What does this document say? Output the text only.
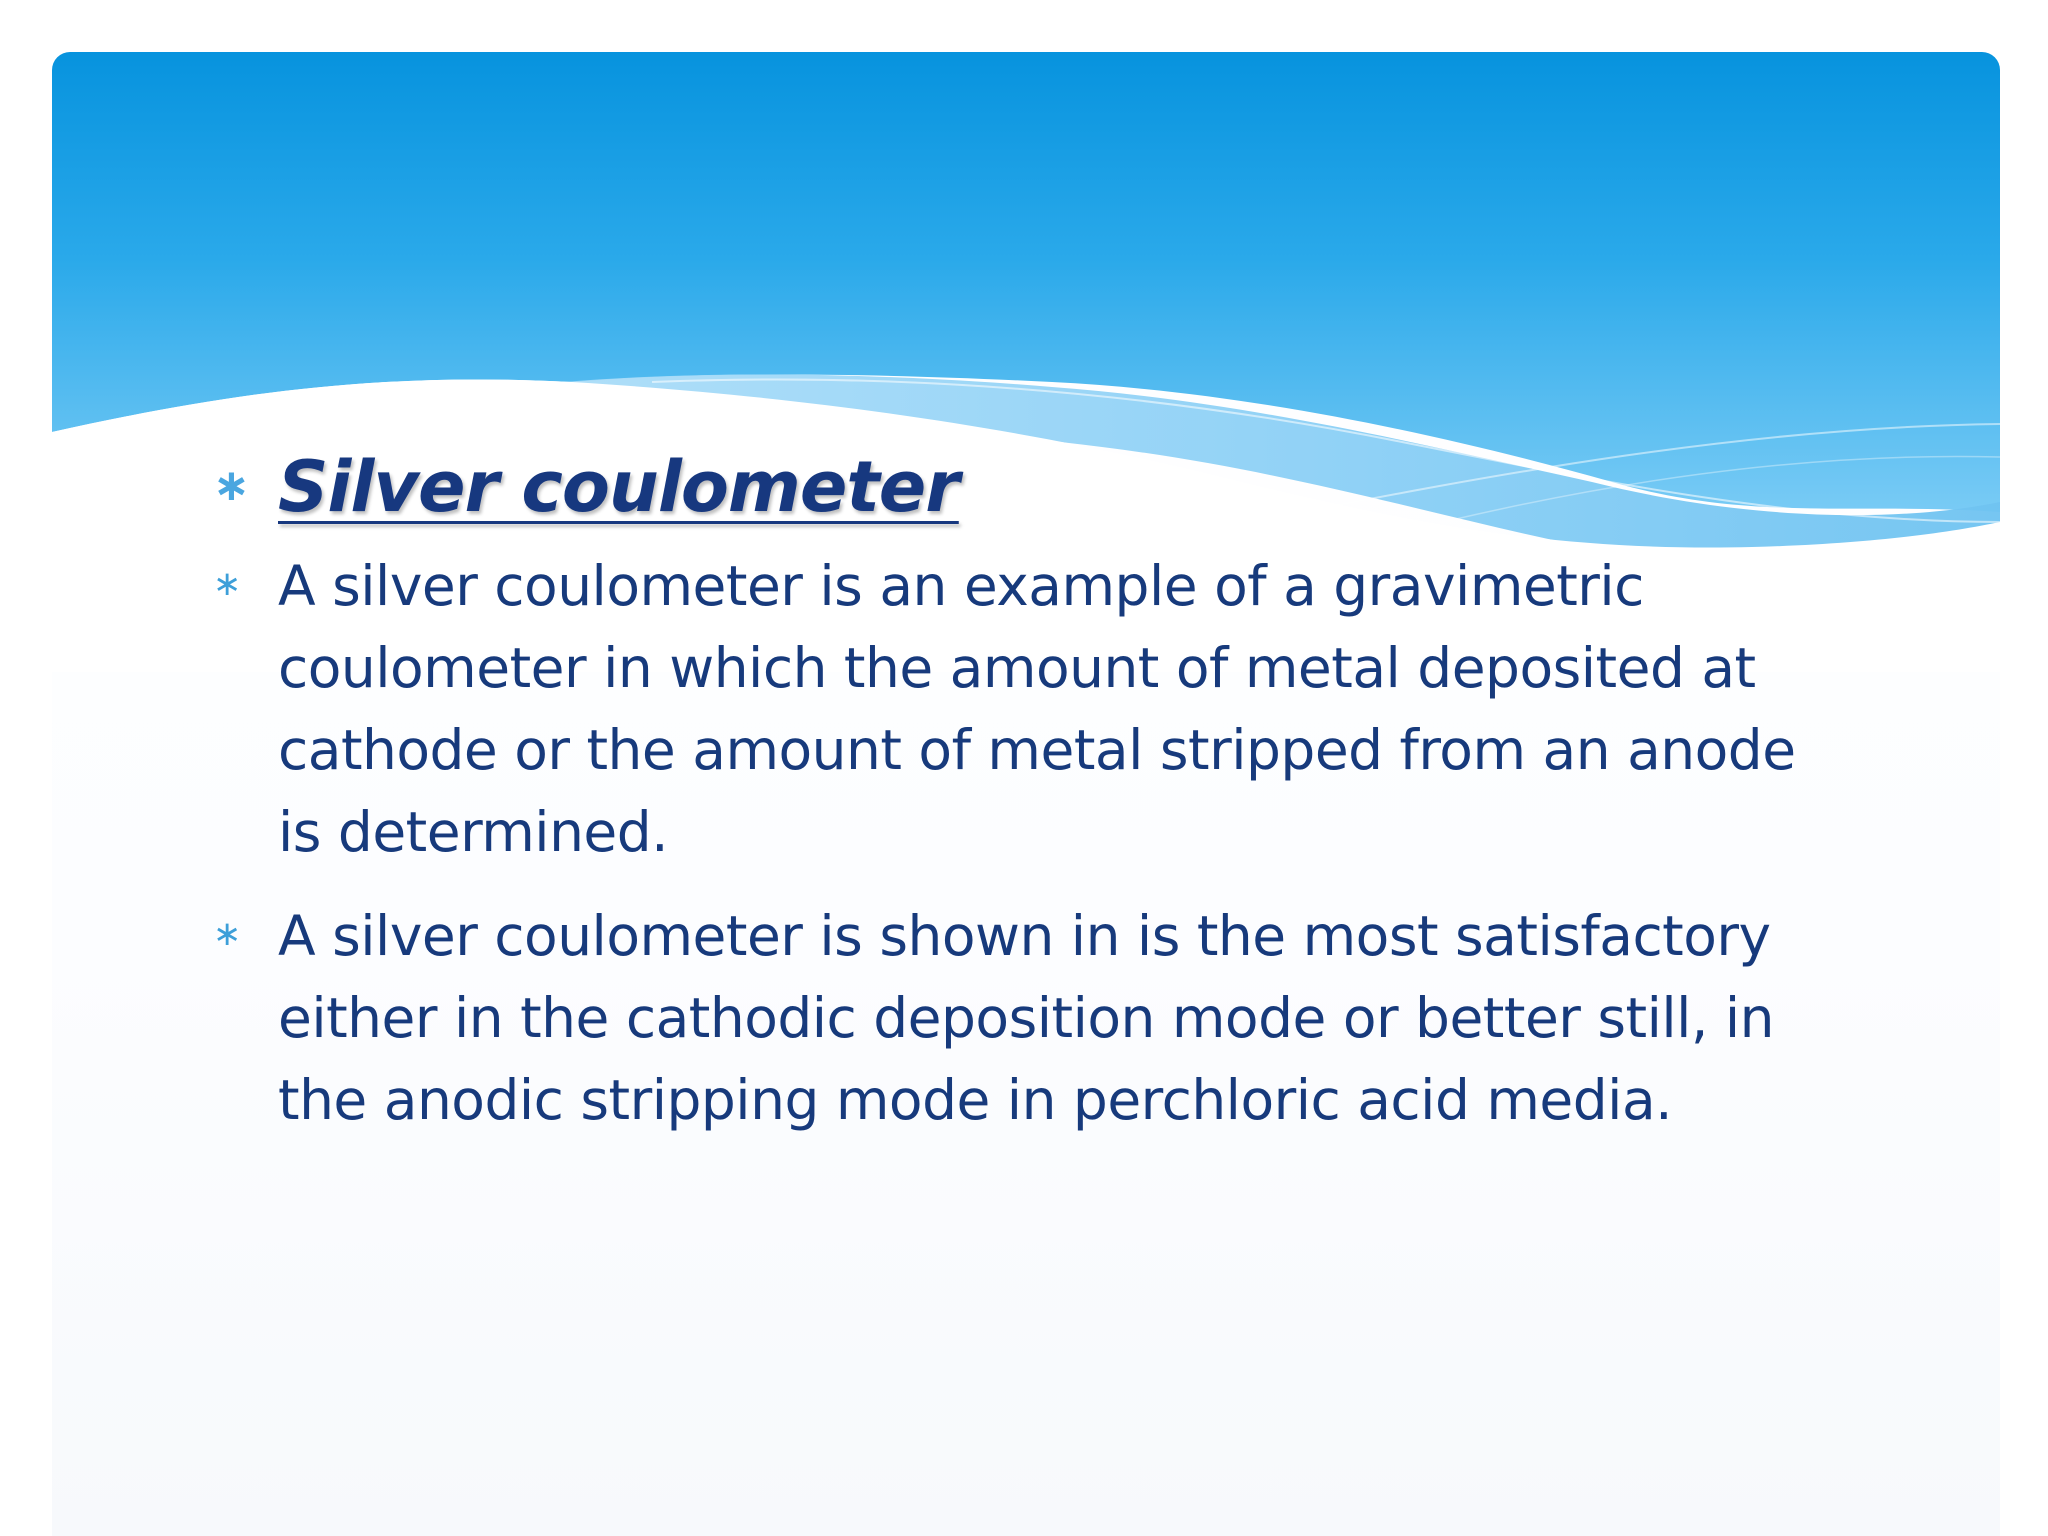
∗ Silver coulometer
∗ A silver coulometer is an example of a gravimetric coulometer in which the amount of metal deposited at cathode or the amount of metal stripped from an anode is determined.
∗ A silver coulometer is shown in is the most satisfactory either in the cathodic deposition mode or better still, in the anodic stripping mode in perchloric acid media.
